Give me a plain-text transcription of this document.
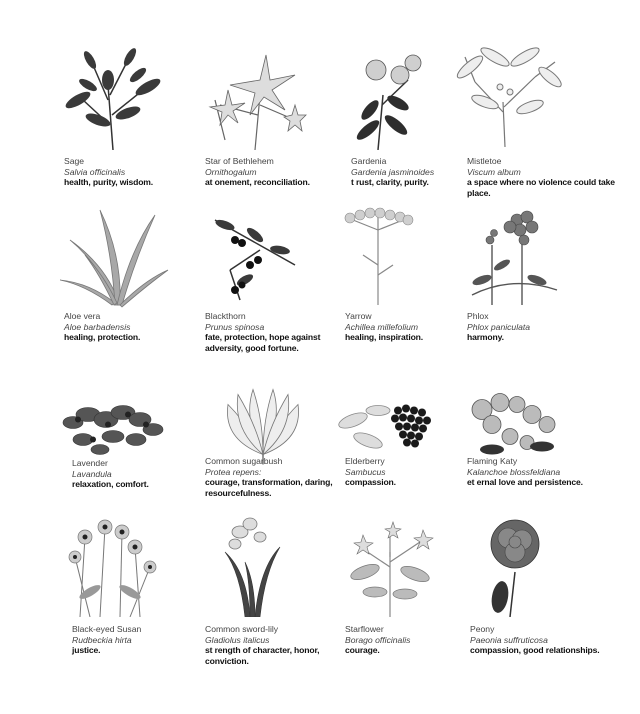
Sage
Salvia officinalis
health, purity, wisdom.
Star of Bethlehem
Ornithogalum
at onement, reconciliation.
Gardenia
Gardenia jasminoides
t rust, clarity, purity.
Mistletoe
Viscum album
a space where no violence could take place.
Aloe vera
Aloe barbadensis
healing, protection.
Blackthorn
Prunus spinosa
fate, protection, hope against adversity, good fortune.
Yarrow
Achillea millefolium
healing, inspiration.
Phlox
Phlox paniculata
harmony.
Lavender
Lavandula
relaxation, comfort.
Common sugarbush
Protea repens:
courage, transformation, daring, resourcefulness.
Elderberry
Sambucus
compassion.
Flaming Katy
Kalanchoe blossfeldiana
et ernal love and persistence.
Black-eyed Susan
Rudbeckia hirta
justice.
Common sword-lily
Gladiolus italicus
st rength of character, honor, conviction.
Starflower
Borago officinalis
courage.
Peony
Paeonia suffruticosa
compassion, good relationships.
